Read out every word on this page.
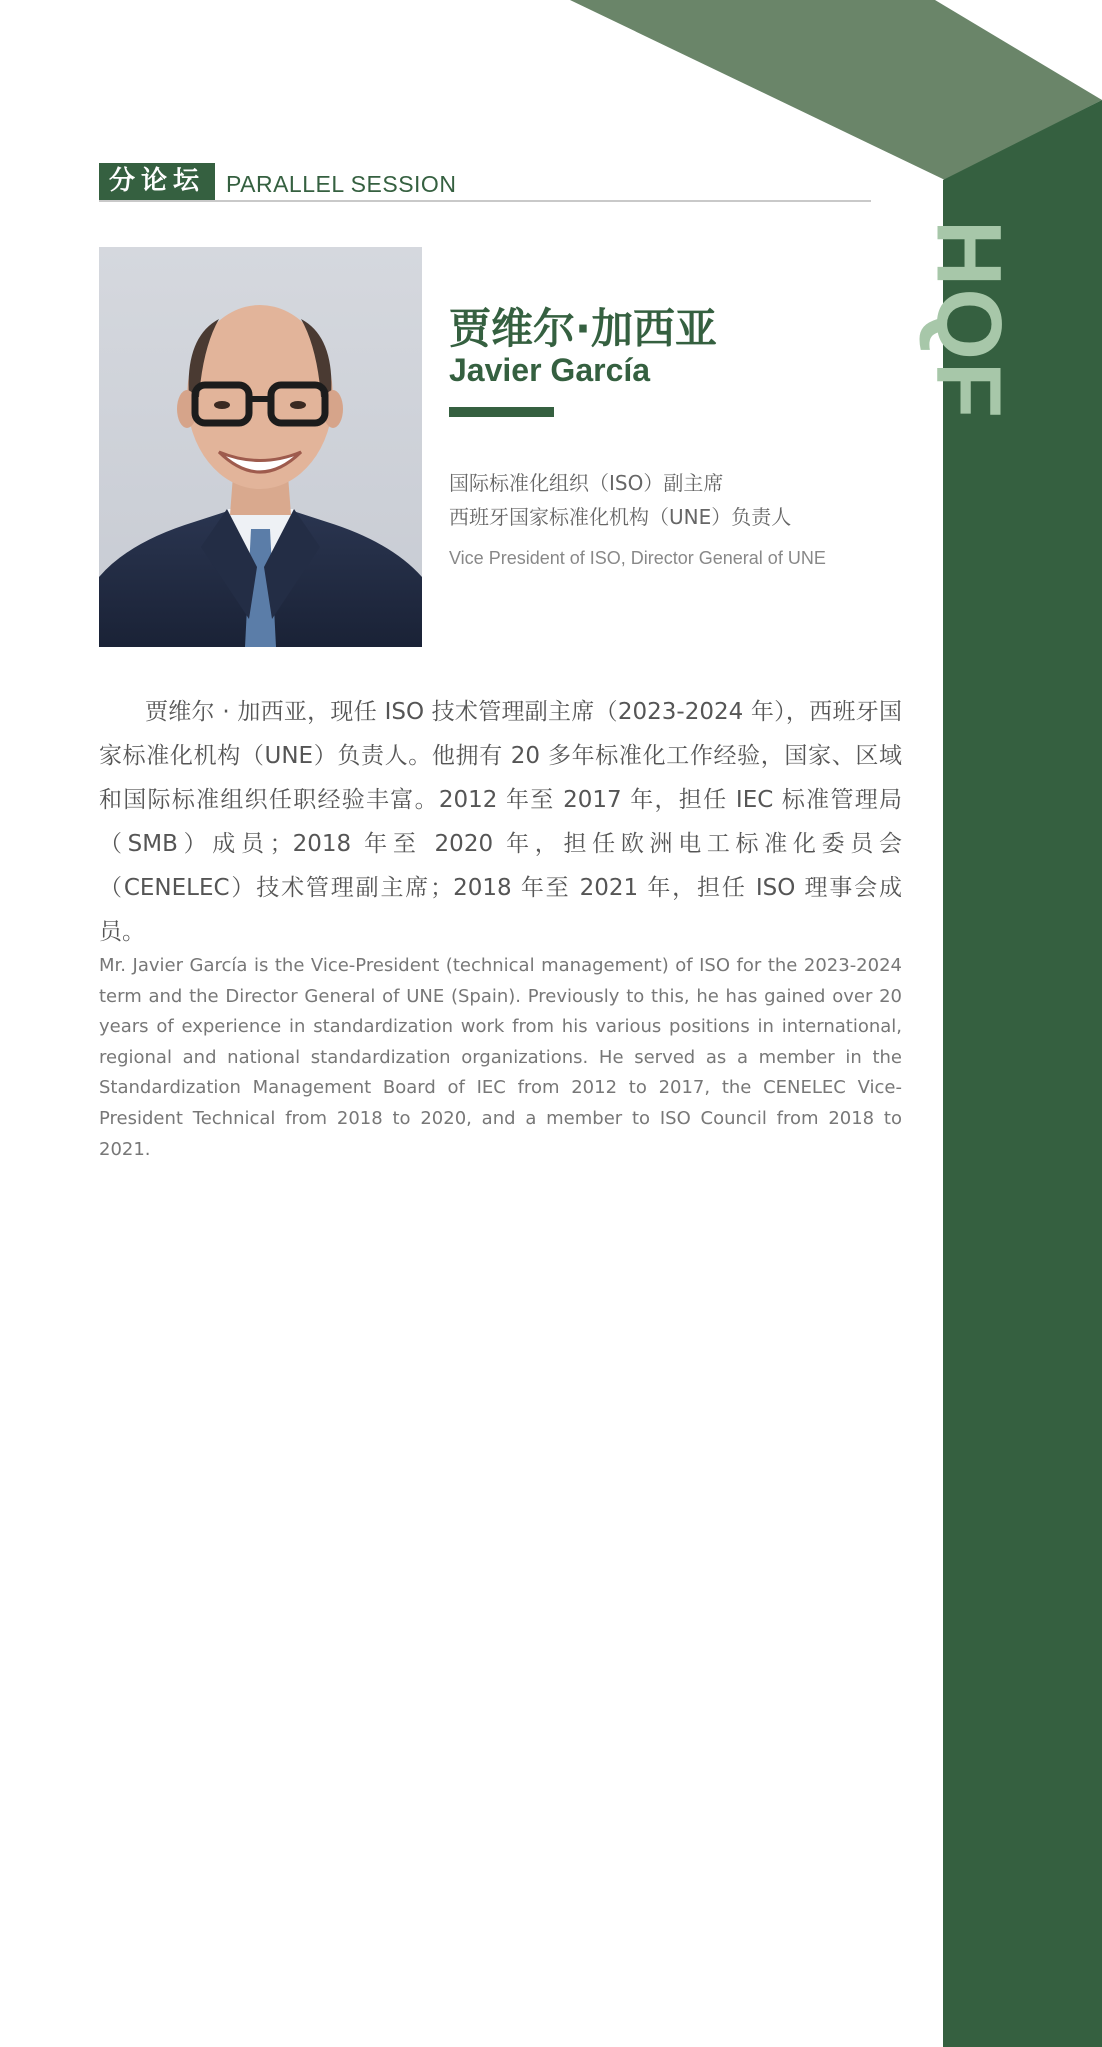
HQF
分论坛 PARALLEL SESSION
贾维尔·加西亚
Javier García
国际标准化组织（ISO）副主席
西班牙国家标准化机构（UNE）负责人
Vice President of ISO, Director General of UNE

贾维尔 · 加西亚，现任 ISO 技术管理副主席（2023-2024 年），西班牙国家标准化机构（UNE）负责人。他拥有 20 多年标准化工作经验，国家、区域和国际标准组织任职经验丰富。2012 年至 2017 年，担任 IEC 标准管理局（SMB）成员；2018 年至 2020 年，担任欧洲电工标准化委员会（CENELEC）技术管理副主席；2018 年至 2021 年，担任 ISO 理事会成员。

Mr. Javier García is the Vice-President (technical management) of ISO for the 2023-2024 term and the Director General of UNE (Spain). Previously to this, he has gained over 20 years of experience in standardization work from his various positions in international, regional and national standardization organizations. He served as a member in the Standardization Management Board of IEC from 2012 to 2017, the CENELEC Vice-President Technical from 2018 to 2020, and a member to ISO Council from 2018 to 2021.
